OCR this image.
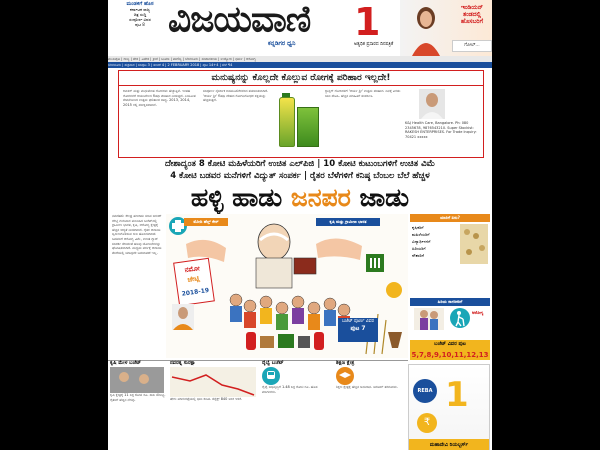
ಮಂಡಳಿಗೆ ಹೊಸ
ಕರ್ನಾಟಕ ರಾಜ್ಯ
ಚಿತ್ರ ಸುದ್ದಿ
ಸಂಪೂರ್ಣ ವಿವರ
ಪುಟ 8 ವಿಜಯವಾಣಿ
ಕನ್ನಡಿಗರ ಧ್ವನಿ	1
ಅತ್ಯಧಿಕ ಪ್ರಸಾರದ ದಿನಪತ್ರಿಕೆ
ಇಂಡಿಯನ್ ತಂಡದಲ್ಲಿ ಹೊಸಬರಿಗೆ
ಗೋಲ್...
ಮುಖಪುಟ | ರಾಜ್ಯ | ದೇಶ | ವಿದೇಶ | ಕ್ರೀಡೆ | ಸಿನಿಮಾ | ವಾಣಿಜ್ಯ | ಬೆಂಗಳೂರು | ಸಂಪಾದಕೀಯ | ಉದ್ಯೋಗ | ಧರ್ಮ | ಆರೋಗ್ಯ
ಬೆಂಗಳೂರು | ಶುಕ್ರವಾರ | ಸಂಪುಟ 3 | ಸಂಚಿಕೆ 4 | 2 FEBRUARY 2018 | ಪುಟ 14+4 | ಬೆಲೆ ₹4
ಮನುಷ್ಯನನ್ನು ಕೊಲ್ಲದೇ ಕೊಲ್ಲುವ ರೋಗಕ್ಕೆ ಪರಿಹಾರ ಇಲ್ಲದೇ!
ಕಾಂಸರ್ ಮತ್ತು ಮಧುಮೇಹ ರೋಗಗಳು ಹೆಚ್ಚುತ್ತಿವೆ. ಇಂತಹ ರೋಗಗಳಿಗೆ ಆಯುರ್ವೇದ ಔಷಧಿ ಪರಿಹಾರ ನೀಡುತ್ತದೆ. ನಿಯಮಿತ ಸೇವನೆಯಿಂದ ಉತ್ತಮ ಫಲಿತಾಂಶ ಸಾಧ್ಯ. 2013, 2014, 2015 ರಲ್ಲಿ ಪರೀಕ್ಷಿಸಲಾಗಿದೆ.
ಸಂಪೂರ್ಣ ನೈಸರ್ಗಿಕ ಗಿಡಮೂಲಿಕೆಗಳಿಂದ ತಯಾರಿಸಲಾಗಿದೆ. 'ಆರ್ಯ ಶ್ರೀ' ಔಷಧಿ ದೇಹದ ರೋಗನಿರೋಧಕ ಶಕ್ತಿಯನ್ನು ಹೆಚ್ಚಿಸುತ್ತದೆ.
ಕ್ಯಾನ್ಸರ್ ರೋಗಿಗಳಿಗೆ 'ಆರ್ಯ ಶ್ರೀ' ಉತ್ತಮ ಪರಿಹಾರ. ದಿನಕ್ಕೆ ಎರಡು ಬಾರಿ ಸೇವಿಸಿ. ಹೆಚ್ಚಿನ ಮಾಹಿತಿಗೆ ಸಂಪರ್ಕಿಸಿ.
K&J Health Care, Bangalore. Ph: 080 2345678, 9876543210. Super Stockist: RAKESH ENTERPRISES. For Trade Inquiry: 70421 xxxxx
ದೇಶಾದ್ಯಂತ 8 ಕೋಟಿ ಮಹಿಳೆಯರಿಗೆ ಉಚಿತ ಎಲ್‌ಪಿಜಿ | 10 ಕೋಟಿ ಕುಟುಂಬಗಳಿಗೆ ಉಚಿತ ವಿಮೆ
4 ಕೋಟಿ ಬಡವರ ಮನೆಗಳಿಗೆ ವಿದ್ಯುತ್ ಸಂಪರ್ಕ | ರೈತರ ಬೆಳೆಗಳಿಗೆ ಕನಿಷ್ಠ ಬೆಂಬಲ ಬೆಲೆ ಹೆಚ್ಚಳ
ಹಳ್ಳಿ ಹಾಡು ಜನಪರ ಜಾಡು
ನವದೆಹಲಿ: ಕೇಂದ್ರ ಹಣಕಾಸು ಸಚಿವ ಅರುಣ್ ಜೇಟ್ಲಿ ಗುರುವಾರ ಮಂಡಿಸಿದ ಬಜೆಟ್‌ನಲ್ಲಿ ಗ್ರಾಮೀಣ ಭಾರತ, ಕೃಷಿ, ಆರೋಗ್ಯ ಕ್ಷೇತ್ರಕ್ಕೆ ಹೆಚ್ಚಿನ ಆದ್ಯತೆ ನೀಡಲಾಗಿದೆ. ರೈತರ ಆದಾಯ ದ್ವಿಗುಣಗೊಳಿಸುವ ಗುರಿ ಹೊಂದಲಾಗಿದೆ. ಬಡವರಿಗೆ ಆರೋಗ್ಯ ವಿಮೆ, ಉಚಿತ ಗ್ಯಾಸ್ ಸಂಪರ್ಕ ಸೇರಿದಂತೆ ಹಲವು ಯೋಜನೆಗಳನ್ನು ಘೋಷಿಸಲಾಗಿದೆ. ಮಧ್ಯಮ ವರ್ಗಕ್ಕೆ ಆದಾಯ ತೆರಿಗೆಯಲ್ಲಿ ಯಾವುದೇ ಬದಲಾವಣೆ ಇಲ್ಲ.
ಮೋದಿ ಹೆಲ್ತ್ ಕೇರ್	ಕೃಷಿ ಮತ್ತು ಗ್ರಾಮೀಣ ಭಾರತ
ನಮೋ
ಜೇಟ್ಲಿ
2018-19
ಬಜೆಟ್ ಪೂರ್ಣ ವಿವರ
ಪುಟ 7
ಯಾರಿಗೆ ಏನು?
ಕೃಷಿಕರಿಗೆ
ಮಹಿಳೆಯರಿಗೆ
ವಿದ್ಯಾರ್ಥಿಗಳಿಗೆ
ಹಿರಿಯರಿಗೆ
ನೌಕರರಿಗೆ
ಹಿರಿಯ ನಾಗರಿಕರಿಗೆ
ಆರೋಗ್ಯ
ಬಜೆಟ್ ವಿವರ ಪುಟ
5,7,8,9,10,11,12,13
ಕೃಷಿ ಮೇಳ ಬಜೆಟ್
ಕೃಷಿ ಕ್ಷೇತ್ರಕ್ಕೆ 11 ಲಕ್ಷ ಕೋಟಿ ರೂ. ಸಾಲ ಸೌಲಭ್ಯ. ರೈತರಿಗೆ ಹೆಚ್ಚಿನ ನೆರವು.
ನವರತ್ನ ಸುರಕ್ಷಾ
ಷೇರು ಮಾರುಕಟ್ಟೆಯಲ್ಲಿ ಭಾರಿ ಕುಸಿತ. ಸೆನ್ಸೆಕ್ಸ್ 840 ಅಂಕ ಇಳಿಕೆ.
ರೈಲ್ವೆ ಬಜೆಟ್
ರೈಲ್ವೆ ಅಭಿವೃದ್ಧಿಗೆ 1.48 ಲಕ್ಷ ಕೋಟಿ ರೂ. ಹೊಸ ಮಾರ್ಗಗಳು.
ಶಿಕ್ಷಣ ಕ್ಷೇತ್ರ
ಶಿಕ್ಷಣ ಕ್ಷೇತ್ರಕ್ಕೆ ಹೆಚ್ಚಿನ ಅನುದಾನ. ಡಿಜಿಟಲ್ ತರಗತಿಗಳು.
REBA 1
₹
ಮಹಾದೇವಿ ರಿಯಲ್ಟರ್ಸ್
